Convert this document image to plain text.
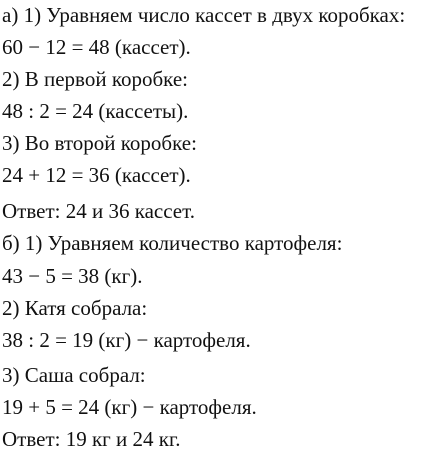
а) 1) Уравняем число кассет в двух коробках:
60 − 12 = 48 (кассет).
2) В первой коробке:
48 : 2 = 24 (кассеты).
3) Во второй коробке:
24 + 12 = 36 (кассет).
Ответ: 24 и 36 кассет.
б) 1) Уравняем количество картофеля:
43 − 5 = 38 (кг).
2) Катя собрала:
38 : 2 = 19 (кг) − картофеля.
3) Саша собрал:
19 + 5 = 24 (кг) − картофеля.
Ответ: 19 кг и 24 кг.
